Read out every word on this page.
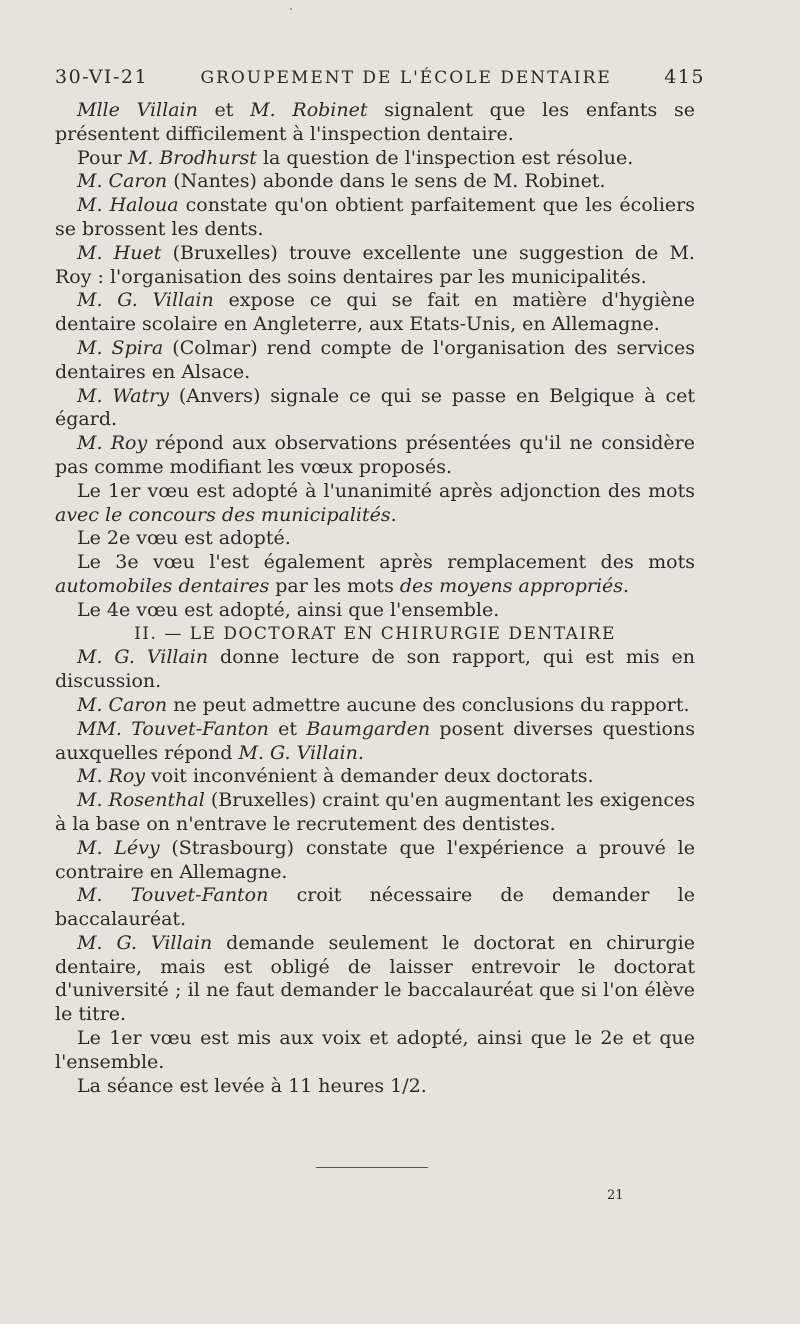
30-VI-21	GROUPEMENT DE L'ÉCOLE DENTAIRE	415

Mlle Villain et M. Robinet signalent que les enfants se présentent difficilement à l'inspection dentaire.

Pour M. Brodhurst la question de l'inspection est résolue.

M. Caron (Nantes) abonde dans le sens de M. Robinet.

M. Haloua constate qu'on obtient parfaitement que les écoliers se brossent les dents.

M. Huet (Bruxelles) trouve excellente une suggestion de M. Roy : l'organisation des soins dentaires par les municipalités.

M. G. Villain expose ce qui se fait en matière d'hygiène dentaire scolaire en Angleterre, aux Etats-Unis, en Allemagne.

M. Spira (Colmar) rend compte de l'organisation des services dentaires en Alsace.

M. Watry (Anvers) signale ce qui se passe en Belgique à cet égard.

M. Roy répond aux observations présentées qu'il ne considère pas comme modifiant les vœux proposés.

Le 1er vœu est adopté à l'unanimité après adjonction des mots avec le concours des municipalités.

Le 2e vœu est adopté.

Le 3e vœu l'est également après remplacement des mots automobiles dentaires par les mots des moyens appropriés.

Le 4e vœu est adopté, ainsi que l'ensemble.

II. — LE DOCTORAT EN CHIRURGIE DENTAIRE

M. G. Villain donne lecture de son rapport, qui est mis en discussion.

M. Caron ne peut admettre aucune des conclusions du rapport.

MM. Touvet-Fanton et Baumgarden posent diverses questions auxquelles répond M. G. Villain.

M. Roy voit inconvénient à demander deux doctorats.

M. Rosenthal (Bruxelles) craint qu'en augmentant les exigences à la base on n'entrave le recrutement des dentistes.

M. Lévy (Strasbourg) constate que l'expérience a prouvé le contraire en Allemagne.

M. Touvet-Fanton croit nécessaire de demander le baccalauréat.

M. G. Villain demande seulement le doctorat en chirurgie dentaire, mais est obligé de laisser entrevoir le doctorat d'université ; il ne faut demander le baccalauréat que si l'on élève le titre.

Le 1er vœu est mis aux voix et adopté, ainsi que le 2e et que l'ensemble.

La séance est levée à 11 heures 1/2.

21
